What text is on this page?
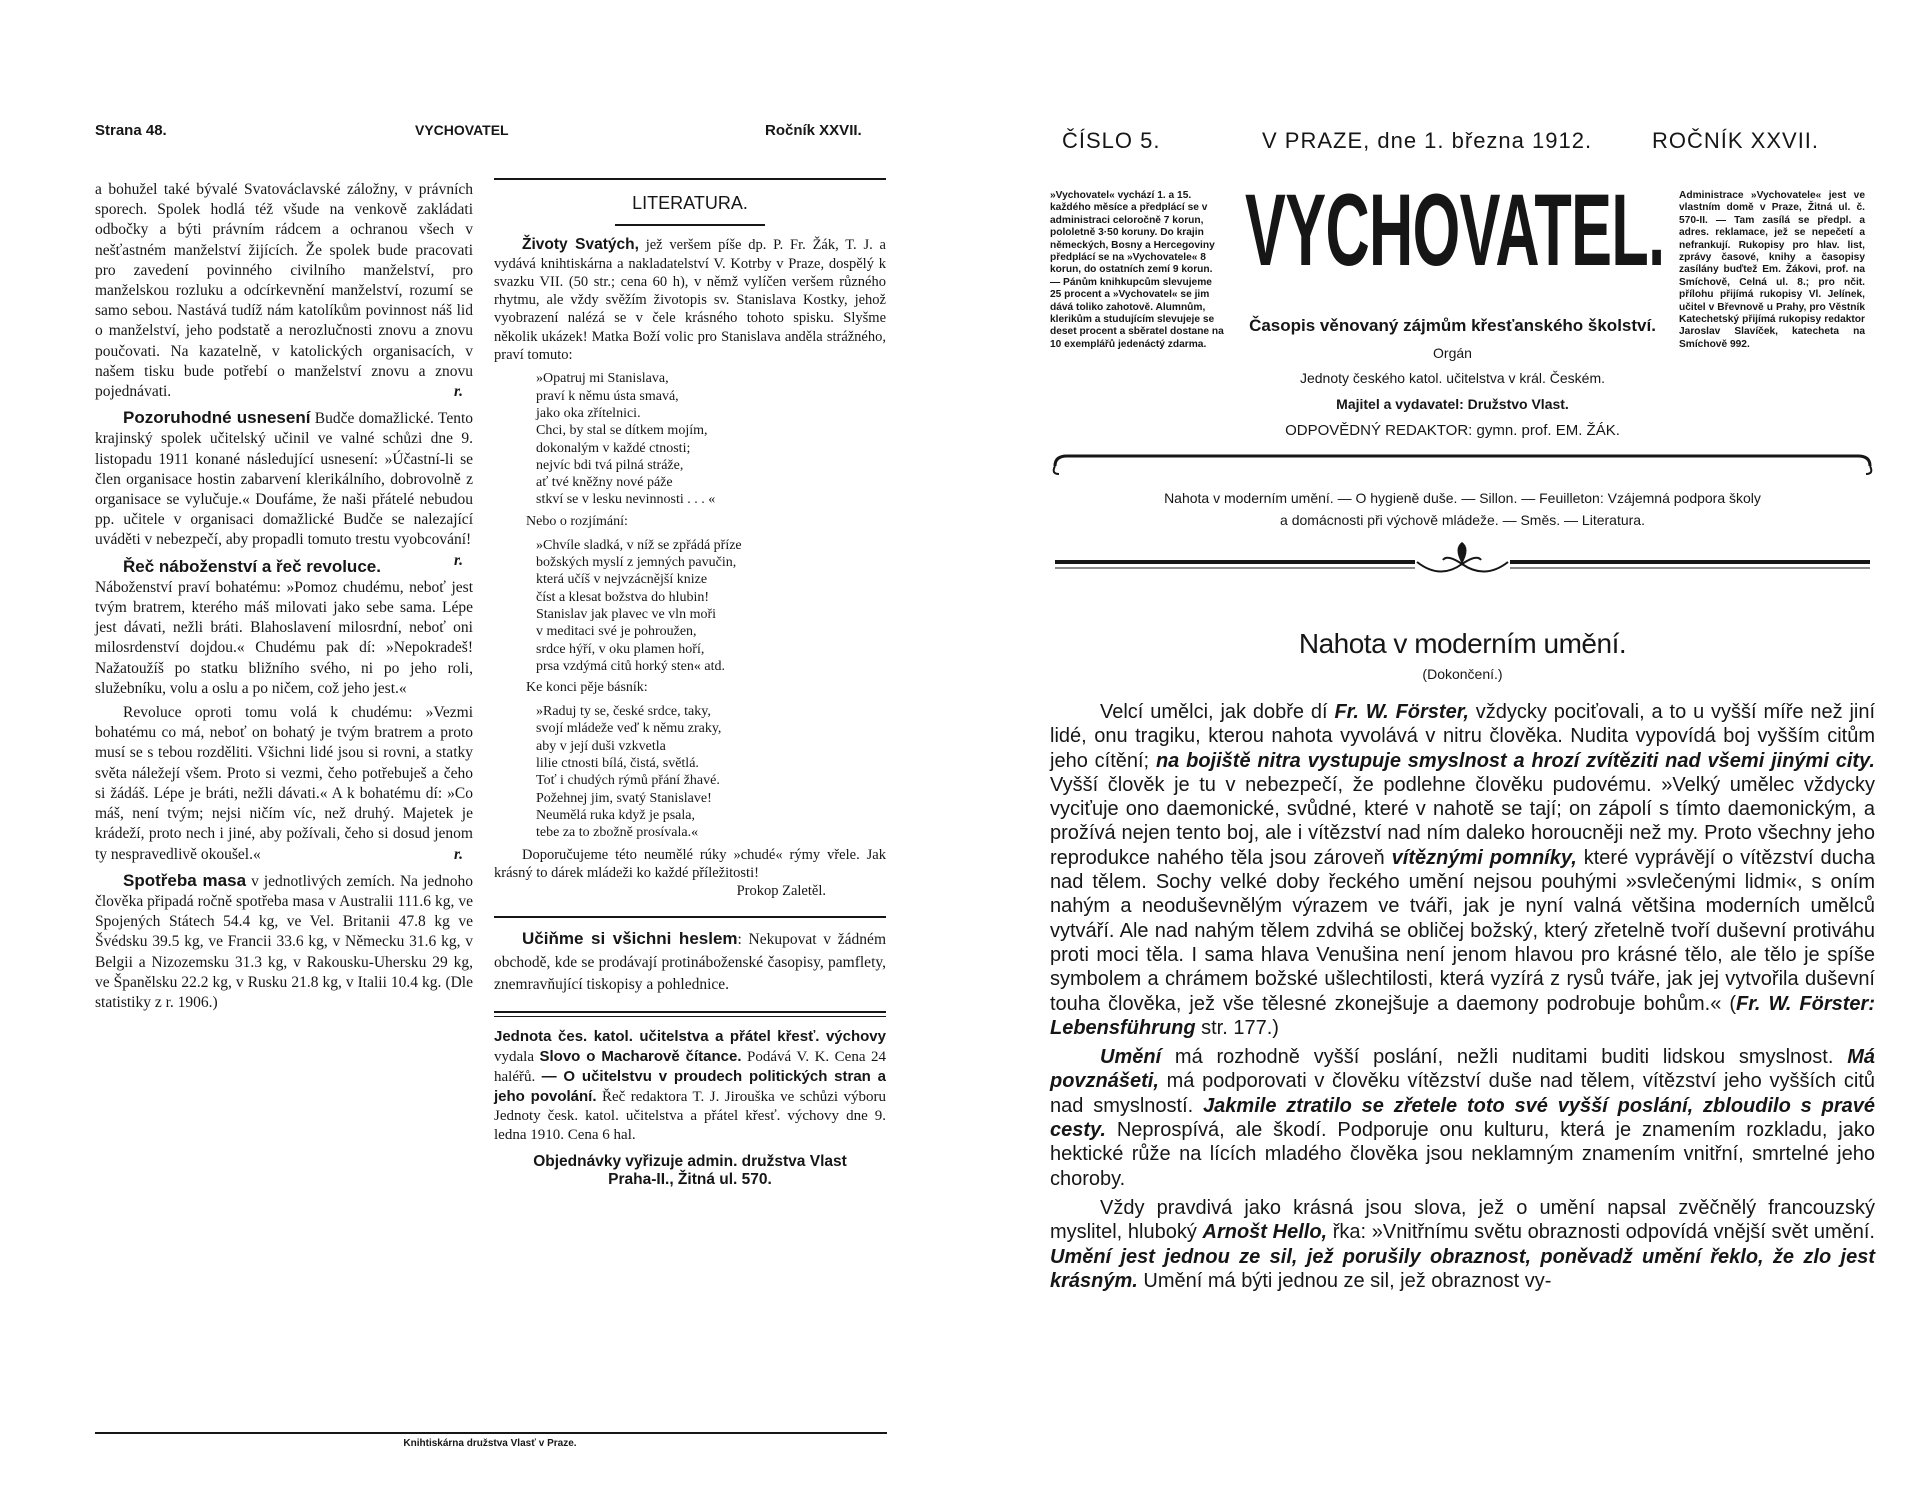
Strana 48.	VYCHOVATEL	Ročník XXVII.

a bohužel také bývalé Svatováclavské záložny, v právních sporech. Spolek hodlá též všude na venkově zakládati odbočky a býti právním rádcem a ochranou všech v nešťastném manželství žijících. Že spolek bude pracovati pro zavedení povinného civilního manželství, pro manželskou rozluku a odcírkevnění manželství, rozumí se samo sebou. Nastává tudíž nám katolíkům povinnost náš lid o manželství, jeho podstatě a nerozlučnosti znovu a znovu poučovati. Na kazatelně, v katolických organisacích, v našem tisku bude potřebí o manželství znovu a znovu pojednávati.	r.

Pozoruhodné usnesení Budče domažlické. Tento krajinský spolek učitelský učinil ve valné schůzi dne 9. listopadu 1911 konané následující usnesení: »Účastní-li se člen organisace hostin zabarvení klerikálního, dobrovolně z organisace se vylučuje.« Doufáme, že naši přátelé nebudou pp. učitele v organisaci domažlické Budče se nalezající uváděti v nebezpečí, aby propadli tomuto trestu vyobcování!
r.

Řeč náboženství a řeč revoluce.

Náboženství praví bohatému: »Pomoz chudému, neboť jest tvým bratrem, kterého máš milovati jako sebe sama. Lépe jest dávati, nežli bráti. Blahoslavení milosrdní, neboť oni milosrdenství dojdou.« Chudému pak dí: »Nepokradeš! Nažatoužíš po statku bližního svého, ni po jeho roli, služebníku, volu a oslu a po ničem, což jeho jest.«

Revoluce oproti tomu volá k chudému: »Vezmi bohatému co má, neboť on bohatý je tvým bratrem a proto musí se s tebou rozděliti. Všichni lidé jsou si rovni, a statky světa náležejí všem. Proto si vezmi, čeho potřebuješ a čeho si žádáš. Lépe je bráti, nežli dávati.« A k bohatému dí: »Co máš, není tvým; nejsi ničím víc, než druhý. Majetek je krádeží, proto nech i jiné, aby požívali, čeho si dosud jenom ty nespravedlivě okoušel.«	r.

Spotřeba masa v jednotlivých zemích. Na jednoho člověka připadá ročně spotřeba masa v Australii 111.6 kg, ve Spojených Státech 54.4 kg, ve Vel. Britanii 47.8 kg ve Švédsku 39.5 kg, ve Francii 33.6 kg, v Německu 31.6 kg, v Belgii a Nizozemsku 31.3 kg, v Rakousku-Uhersku 29 kg, ve Španělsku 22.2 kg, v Rusku 21.8 kg, v Italii 10.4 kg. (Dle statistiky z r. 1906.)

LITERATURA.

Životy Svatých, jež veršem píše dp. P. Fr. Žák, T. J. a vydává knihtiskárna a nakladatelství V. Kotrby v Praze, dospělý k svazku VII. (50 str.; cena 60 h), v němž vylíčen veršem různého rhytmu, ale vždy svěžím životopis sv. Stanislava Kostky, jehož vyobrazení nalézá se v čele krásného tohoto spisku. Slyšme několik ukázek! Matka Boží volic pro Stanislava anděla strážného, praví tomuto:

»Opatruj mi Stanislava,
praví k němu ústa smavá,
jako oka zřítelnici.
Chci, by stal se dítkem mojím,
dokonalým v každé ctnosti;
nejvíc bdi tvá pilná stráže,
ať tvé kněžny nové páže
stkví se v lesku nevinnosti . . . «
Nebo o rozjímání:
»Chvíle sladká, v níž se zpřádá příze
božských myslí z jemných pavučin,
která učíš v nejvzácnější knize
číst a klesat božstva do hlubin!
Stanislav jak plavec ve vln moři
v meditaci své je pohroužen,
srdce hýří, v oku plamen hoří,
prsa vzdýmá citů horký sten« atd.
Ke konci pěje básník:
»Raduj ty se, české srdce, taky,
svojí mládeže veď k němu zraky,
aby v její duši vzkvetla
lilie ctnosti bílá, čistá, světlá.
Toť i chudých rýmů přání žhavé.
Požehnej jim, svatý Stanislave!
Neumělá ruka když je psala,
tebe za to zbožně prosívala.«

Doporučujeme této neumělé rúky »chudé« rýmy vřele. Jak krásný to dárek mládeži ko každé příležitosti!

Prokop Zaletěl.

Učiňme si všichni heslem: Nekupovat v žádném obchodě, kde se prodávají protináboženské časopisy, pamflety, znemravňující tiskopisy a pohlednice.

Jednota čes. katol. učitelstva a přátel křesť. výchovy vydala Slovo o Macharově čítance. Podává V. K. Cena 24 haléřů. — O učitelstvu v proudech politických stran a jeho povolání. Řeč redaktora T. J. Jirouška ve schůzi výboru Jednoty česk. katol. učitelstva a přátel křesť. výchovy dne 9. ledna 1910. Cena 6 hal.

Objednávky vyřizuje admin. družstva Vlast Praha-II., Žitná ul. 570.

Knihtiskárna družstva Vlasť v Praze.
ČÍSLO 5.	V PRAZE, dne 1. března 1912.	ROČNÍK XXVII.
»Vychovatel« vychází 1. a 15. každého měsíce a předplácí se v administraci celoročně 7 korun, pololetně 3·50 koruny. Do krajin německých, Bosny a Hercegoviny předplácí se na »Vychovatele« 8 korun, do ostatních zemí 9 korun. — Pánům knihkupcům slevujeme 25 procent a »Vychovatel« se jim dává toliko zahotově. Alumnům, klerikům a studujícím slevujeje se deset procent a sběratel dostane na 10 exemplářů jedenáctý zdarma.
VYCHOVATEL. Administrace »Vychovatele« jest ve vlastním domě v Praze, Žitná ul. č. 570-II. — Tam zasílá se předpl. a adres. reklamace, jež se nepečetí a nefrankují. Rukopisy pro hlav. list, zprávy časové, knihy a časopisy zasílány buďtež Em. Žákovi, prof. na Smíchově, Celná ul. 8.; pro nčit. přílohu přijímá rukopisy Vl. Jelínek, učitel v Břevnově u Prahy, pro Věstník Katechetský přijímá rukopisy redaktor Jaroslav Slavíček, katecheta na Smíchově 992.
Časopis věnovaný zájmům křesťanského školství.
Orgán
Jednoty českého katol. učitelstva v král. Českém.
Majitel a vydavatel: Družstvo Vlast.
ODPOVĚDNÝ REDAKTOR: gymn. prof. EM. ŽÁK.
Nahota v moderním umění. — O hygieně duše. — Sillon. — Feuilleton: Vzájemná podpora školy
a domácnosti při výchově mládeže. — Směs. — Literatura.
Nahota v moderním umění.
(Dokončení.)

Velcí umělci, jak dobře dí Fr. W. Förster, vždycky pociťovali, a to u vyšší míře než jiní lidé, onu tragiku, kterou nahota vyvolává v nitru člověka. Nudita vypovídá boj vyšším citům jeho cítění; na bojiště nitra vystupuje smyslnost a hrozí zvítěziti nad všemi jinými city. Vyšší člověk je tu v nebezpečí, že podlehne člověku pudovému. »Velký umělec vždycky vyciťuje ono daemonické, svůdné, které v nahotě se tají; on zápolí s tímto daemonickým, a prožívá nejen tento boj, ale i vítězství nad ním daleko horoucněji než my. Proto všechny jeho reprodukce nahého těla jsou zároveň vítěznými pomníky, které vyprávějí o vítězství ducha nad tělem. Sochy velké doby řeckého umění nejsou pouhými »svlečenými lidmi«, s oním nahým a neoduševnělým výrazem ve tváři, jak je nyní valná většina moderních umělců vytváří. Ale nad nahým tělem zdvihá se obličej božský, který zřetelně tvoří duševní protiváhu proti moci těla. I sama hlava Venušina není jenom hlavou pro krásné tělo, ale tělo je spíše symbolem a chrámem božské ušlechtilosti, která vyzírá z rysů tváře, jak jej vytvořila duševní touha člověka, jež vše tělesné zkonejšuje a daemony podrobuje bohům.« (Fr. W. Förster: Lebensführung str. 177.)

Umění má rozhodně vyšší poslání, nežli nuditami buditi lidskou smyslnost. Má povznášeti, má podporovati v člověku vítězství duše nad tělem, vítězství jeho vyšších citů nad smyslností. Jakmile ztratilo se zřetele toto své vyšší poslání, zbloudilo s pravé cesty. Neprospívá, ale škodí. Podporuje onu kulturu, která je znamením rozkladu, jako hektické růže na lících mladého člověka jsou neklamným znamením vnitřní, smrtelné jeho choroby.

Vždy pravdivá jako krásná jsou slova, jež o umění napsal zvěčnělý francouzský myslitel, hluboký Arnošt Hello, řka: »Vnitřnímu světu obraznosti odpovídá vnější svět umění. Umění jest jednou ze sil, jež porušily obraznost, poněvadž umění řeklo, že zlo jest krásným. Umění má býti jednou ze sil, jež obraznost vy-
